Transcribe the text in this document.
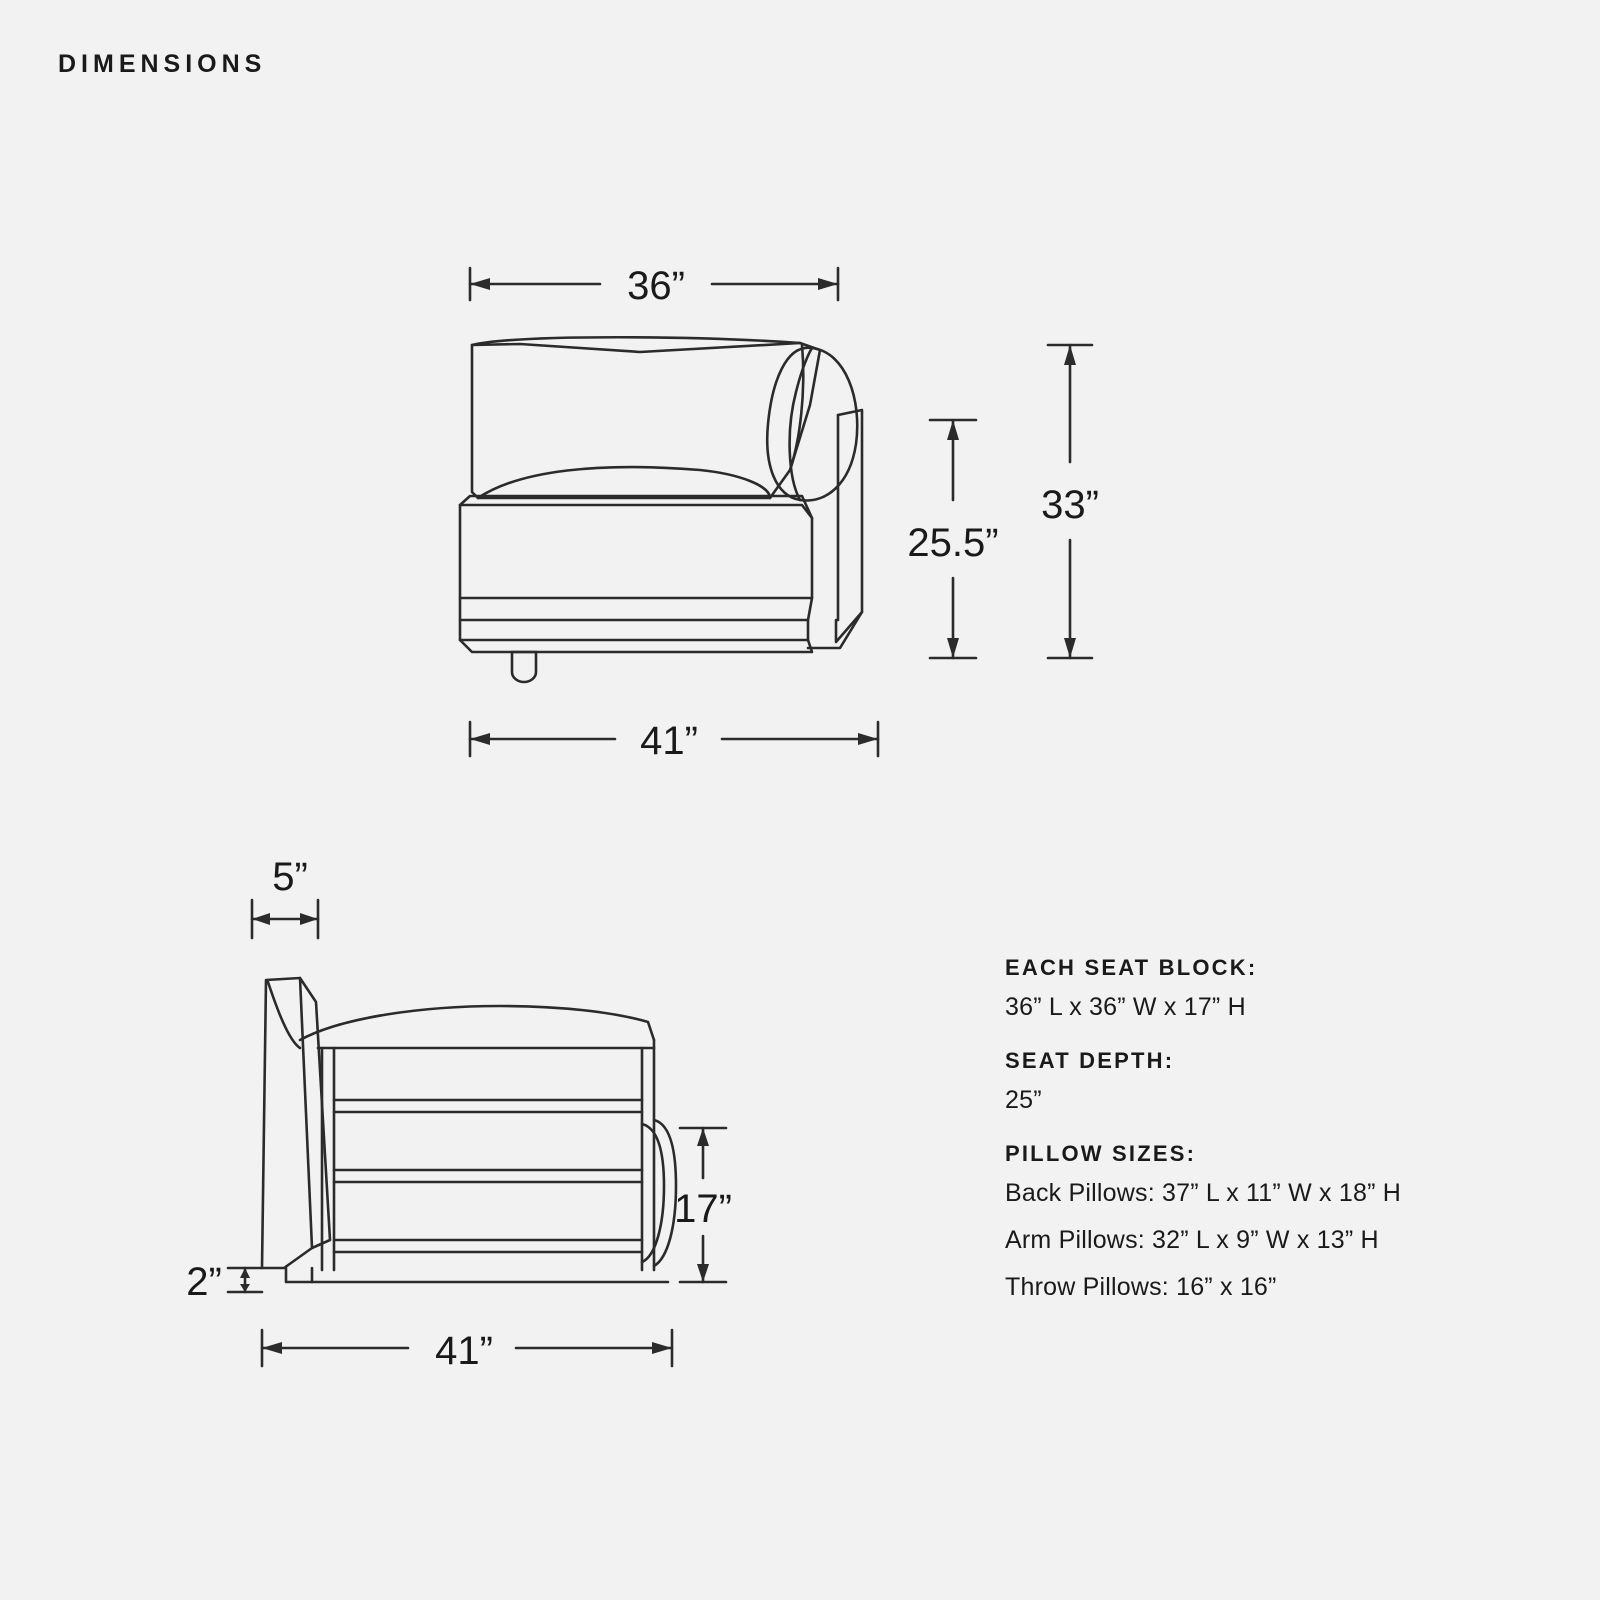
DIMENSIONS
36”
25.5”
33”
41”
5”
17”
2”
41”
EACH SEAT BLOCK:
36” L x 36” W x 17” H
SEAT DEPTH:
25”
PILLOW SIZES:
Back Pillows: 37” L x 11” W x 18” H
Arm Pillows: 32” L x 9” W x 13” H
Throw Pillows: 16” x 16”
